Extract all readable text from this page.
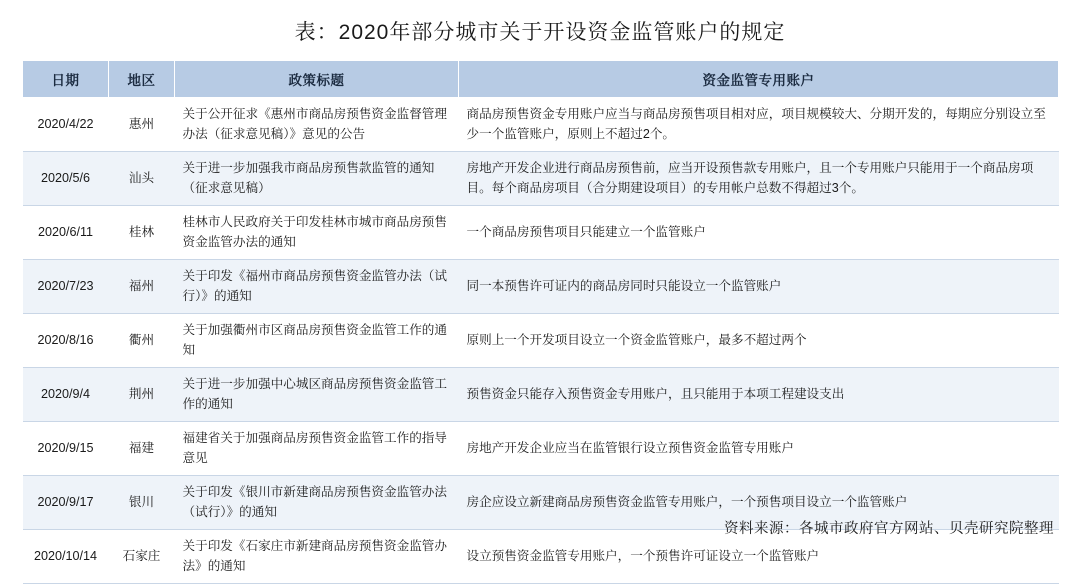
表：2020年部分城市关于开设资金监管账户的规定
日期	地区	政策标题	资金监管专用账户
2020/4/22	惠州	关于公开征求《惠州市商品房预售资金监督管理办法（征求意见稿）》意见的公告	商品房预售资金专用账户应当与商品房预售项目相对应，项目规模较大、分期开发的，每期应分别设立至少一个监管账户，原则上不超过2个。
2020/5/6	汕头	关于进一步加强我市商品房预售款监管的通知（征求意见稿）	房地产开发企业进行商品房预售前，应当开设预售款专用账户，且一个专用账户只能用于一个商品房项目。每个商品房项目（合分期建设项目）的专用帐户总数不得超过3个。
2020/6/11	桂林	桂林市人民政府关于印发桂林市城市商品房预售资金监管办法的通知	一个商品房预售项目只能建立一个监管账户
2020/7/23	福州	关于印发《福州市商品房预售资金监管办法（试行）》的通知	同一本预售许可证内的商品房同时只能设立一个监管账户
2020/8/16	衢州	关于加强衢州市区商品房预售资金监管工作的通知	原则上一个开发项目设立一个资金监管账户，最多不超过两个
2020/9/4	荆州	关于进一步加强中心城区商品房预售资金监管工作的通知	预售资金只能存入预售资金专用账户，且只能用于本项工程建设支出
2020/9/15	福建	福建省关于加强商品房预售资金监管工作的指导意见	房地产开发企业应当在监管银行设立预售资金监管专用账户
2020/9/17	银川	关于印发《银川市新建商品房预售资金监管办法（试行）》的通知	房企应设立新建商品房预售资金监管专用账户，一个预售项目设立一个监管账户
2020/10/14	石家庄	关于印发《石家庄市新建商品房预售资金监管办法》的通知	设立预售资金监管专用账户，一个预售许可证设立一个监管账户
资料来源：各城市政府官方网站、贝壳研究院整理
